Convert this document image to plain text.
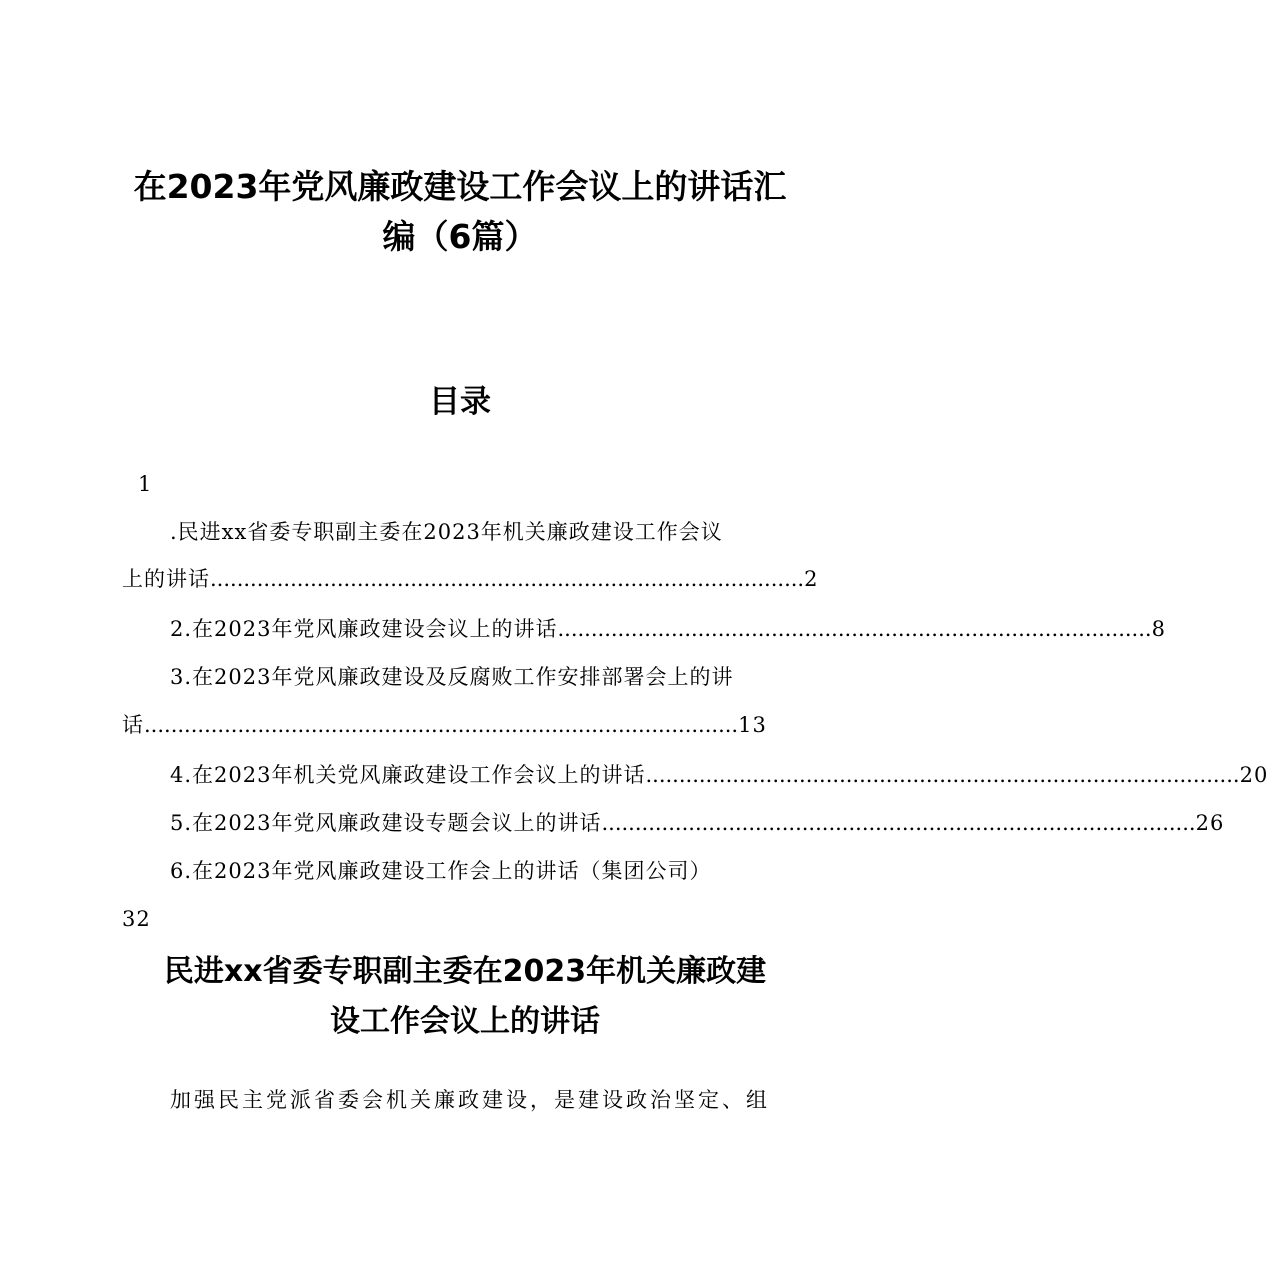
在2023年党风廉政建设工作会议上的讲话汇
编（6篇）
目录
1
.民进xx省委专职副主委在2023年机关廉政建设工作会议
上的讲话 ......................................................................................... 2
2.在2023年党风廉政建设会议上的讲话 ......................................................................................... 8
3.在2023年党风廉政建设及反腐败工作安排部署会上的讲
话 ......................................................................................... 13
4.在2023年机关党风廉政建设工作会议上的讲话 ......................................................................................... 20
5.在2023年党风廉政建设专题会议上的讲话 ......................................................................................... 26
6.在2023年党风廉政建设工作会上的讲话（集团公司）
32
民进xx省委专职副主委在2023年机关廉政建
设工作会议上的讲话
加强民主党派省委会机关廉政建设，是建设政治坚定、组
